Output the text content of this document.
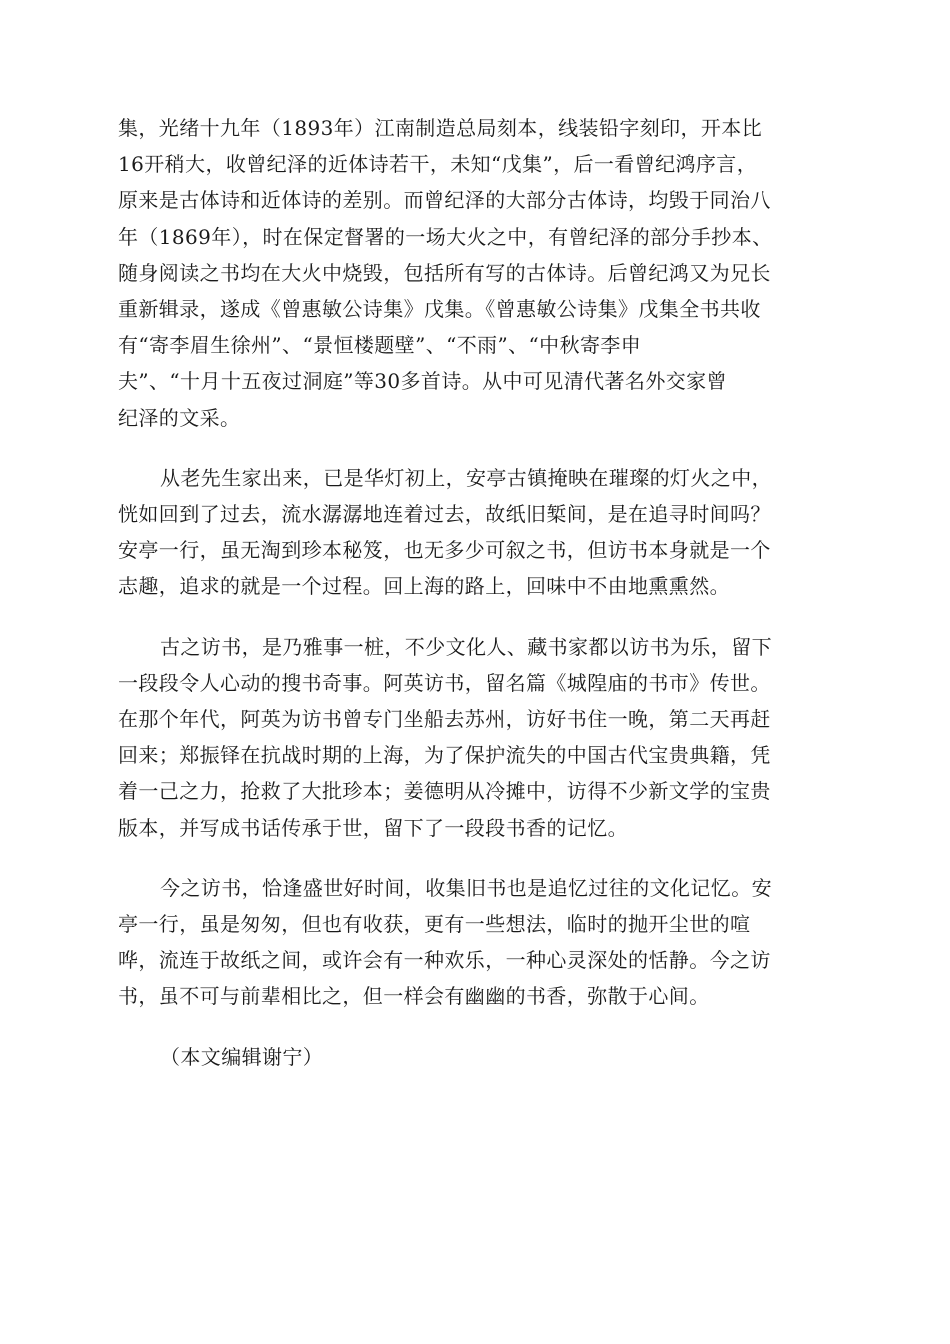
集，光绪十九年（1893年）江南制造总局刻本，线装铅字刻印，开本比
16开稍大，收曾纪泽的近体诗若干，未知“戊集”，后一看曾纪鸿序言，
原来是古体诗和近体诗的差别。而曾纪泽的大部分古体诗，均毁于同治八
年（1869年），时在保定督署的一场大火之中，有曾纪泽的部分手抄本、
随身阅读之书均在大火中烧毁，包括所有写的古体诗。后曾纪鸿又为兄长
重新辑录，遂成《曾惠敏公诗集》戊集。《曾惠敏公诗集》戊集全书共收
有“寄李眉生徐州”、“景恒楼题壁”、“不雨”、“中秋寄李申
夫”、“十月十五夜过洞庭”等30多首诗。从中可见清代著名外交家曾
纪泽的文采。

从老先生家出来，已是华灯初上，安亭古镇掩映在璀璨的灯火之中，
恍如回到了过去，流水潺潺地连着过去，故纸旧椠间，是在追寻时间吗？
安亭一行，虽无淘到珍本秘笈，也无多少可叙之书，但访书本身就是一个
志趣，追求的就是一个过程。回上海的路上，回味中不由地熏熏然。

古之访书，是乃雅事一桩，不少文化人、藏书家都以访书为乐，留下
一段段令人心动的搜书奇事。阿英访书，留名篇《城隍庙的书市》传世。
在那个年代，阿英为访书曾专门坐船去苏州，访好书住一晚，第二天再赶
回来；郑振铎在抗战时期的上海，为了保护流失的中国古代宝贵典籍，凭
着一己之力，抢救了大批珍本；姜德明从冷摊中，访得不少新文学的宝贵
版本，并写成书话传承于世，留下了一段段书香的记忆。

今之访书，恰逢盛世好时间，收集旧书也是追忆过往的文化记忆。安
亭一行，虽是匆匆，但也有收获，更有一些想法，临时的抛开尘世的喧
哗，流连于故纸之间，或许会有一种欢乐，一种心灵深处的恬静。今之访
书，虽不可与前辈相比之，但一样会有幽幽的书香，弥散于心间。

（本文编辑谢宁）
